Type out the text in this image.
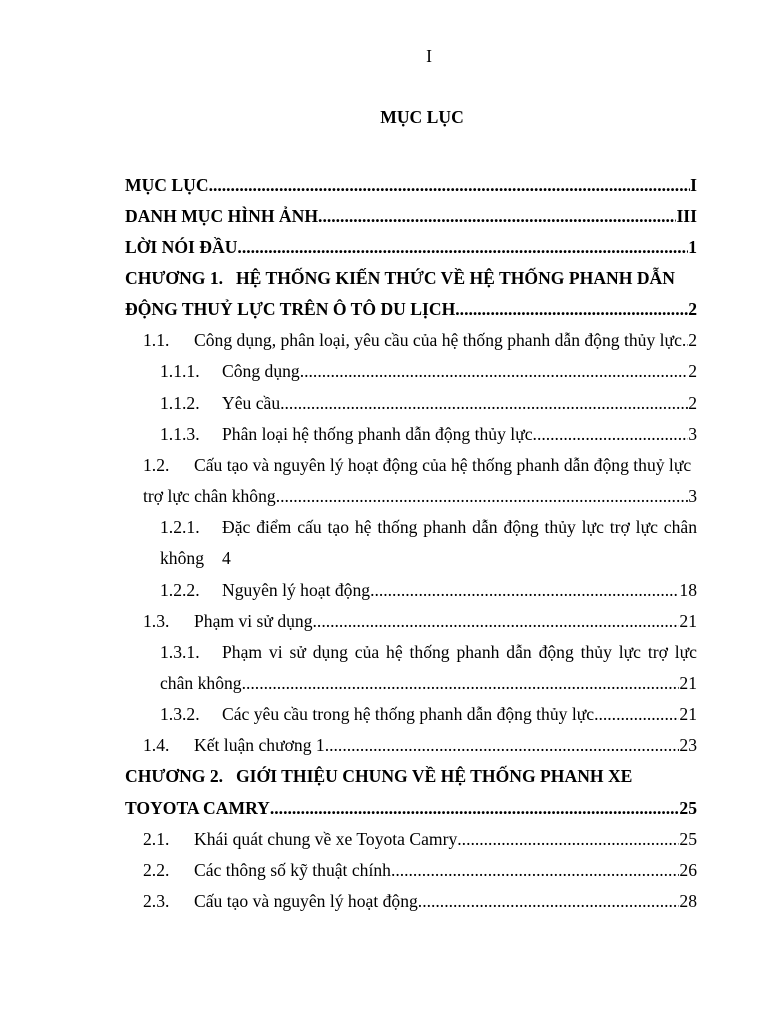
I
MỤC LỤC
MỤC LỤC .....	I
DANH MỤC HÌNH ẢNH .....	III
LỜI NÓI ĐẦU .....	1
CHƯƠNG 1. HỆ THỐNG KIẾN THỨC VỀ HỆ THỐNG PHANH DẪN
ĐỘNG THUỶ LỰC TRÊN Ô TÔ DU LỊCH .....	2
1.1.	Công dụng, phân loại, yêu cầu của hệ thống phanh dẫn động thủy lực ..... 2
1.1.1.	Công dụng .....	2
1.1.2.	Yêu cầu .....	2
1.1.3.	Phân loại hệ thống phanh dẫn động thủy lực .....	3
1.2.	Cấu tạo và nguyên lý hoạt động của hệ thống phanh dẫn động thuỷ lực
trợ lực chân không .....	3
1.2.1.	Đặc điểm cấu tạo hệ thống phanh dẫn động thủy lực trợ lực chân
không	4
1.2.2.	Nguyên lý hoạt động .....	18
1.3.	Phạm vi sử dụng .....	21
1.3.1.	Phạm vi sử dụng của hệ thống phanh dẫn động thủy lực trợ lực
chân không .....	21
1.3.2.	Các yêu cầu trong hệ thống phanh dẫn động thủy lực .....	21
1.4.	Kết luận chương 1 .....	23
CHƯƠNG 2. GIỚI THIỆU CHUNG VỀ HỆ THỐNG PHANH XE
TOYOTA CAMRY .....	25
2.1.	Khái quát chung về xe Toyota Camry .....	25
2.2.	Các thông số kỹ thuật chính .....	26
2.3.	Cấu tạo và nguyên lý hoạt động .....	28
